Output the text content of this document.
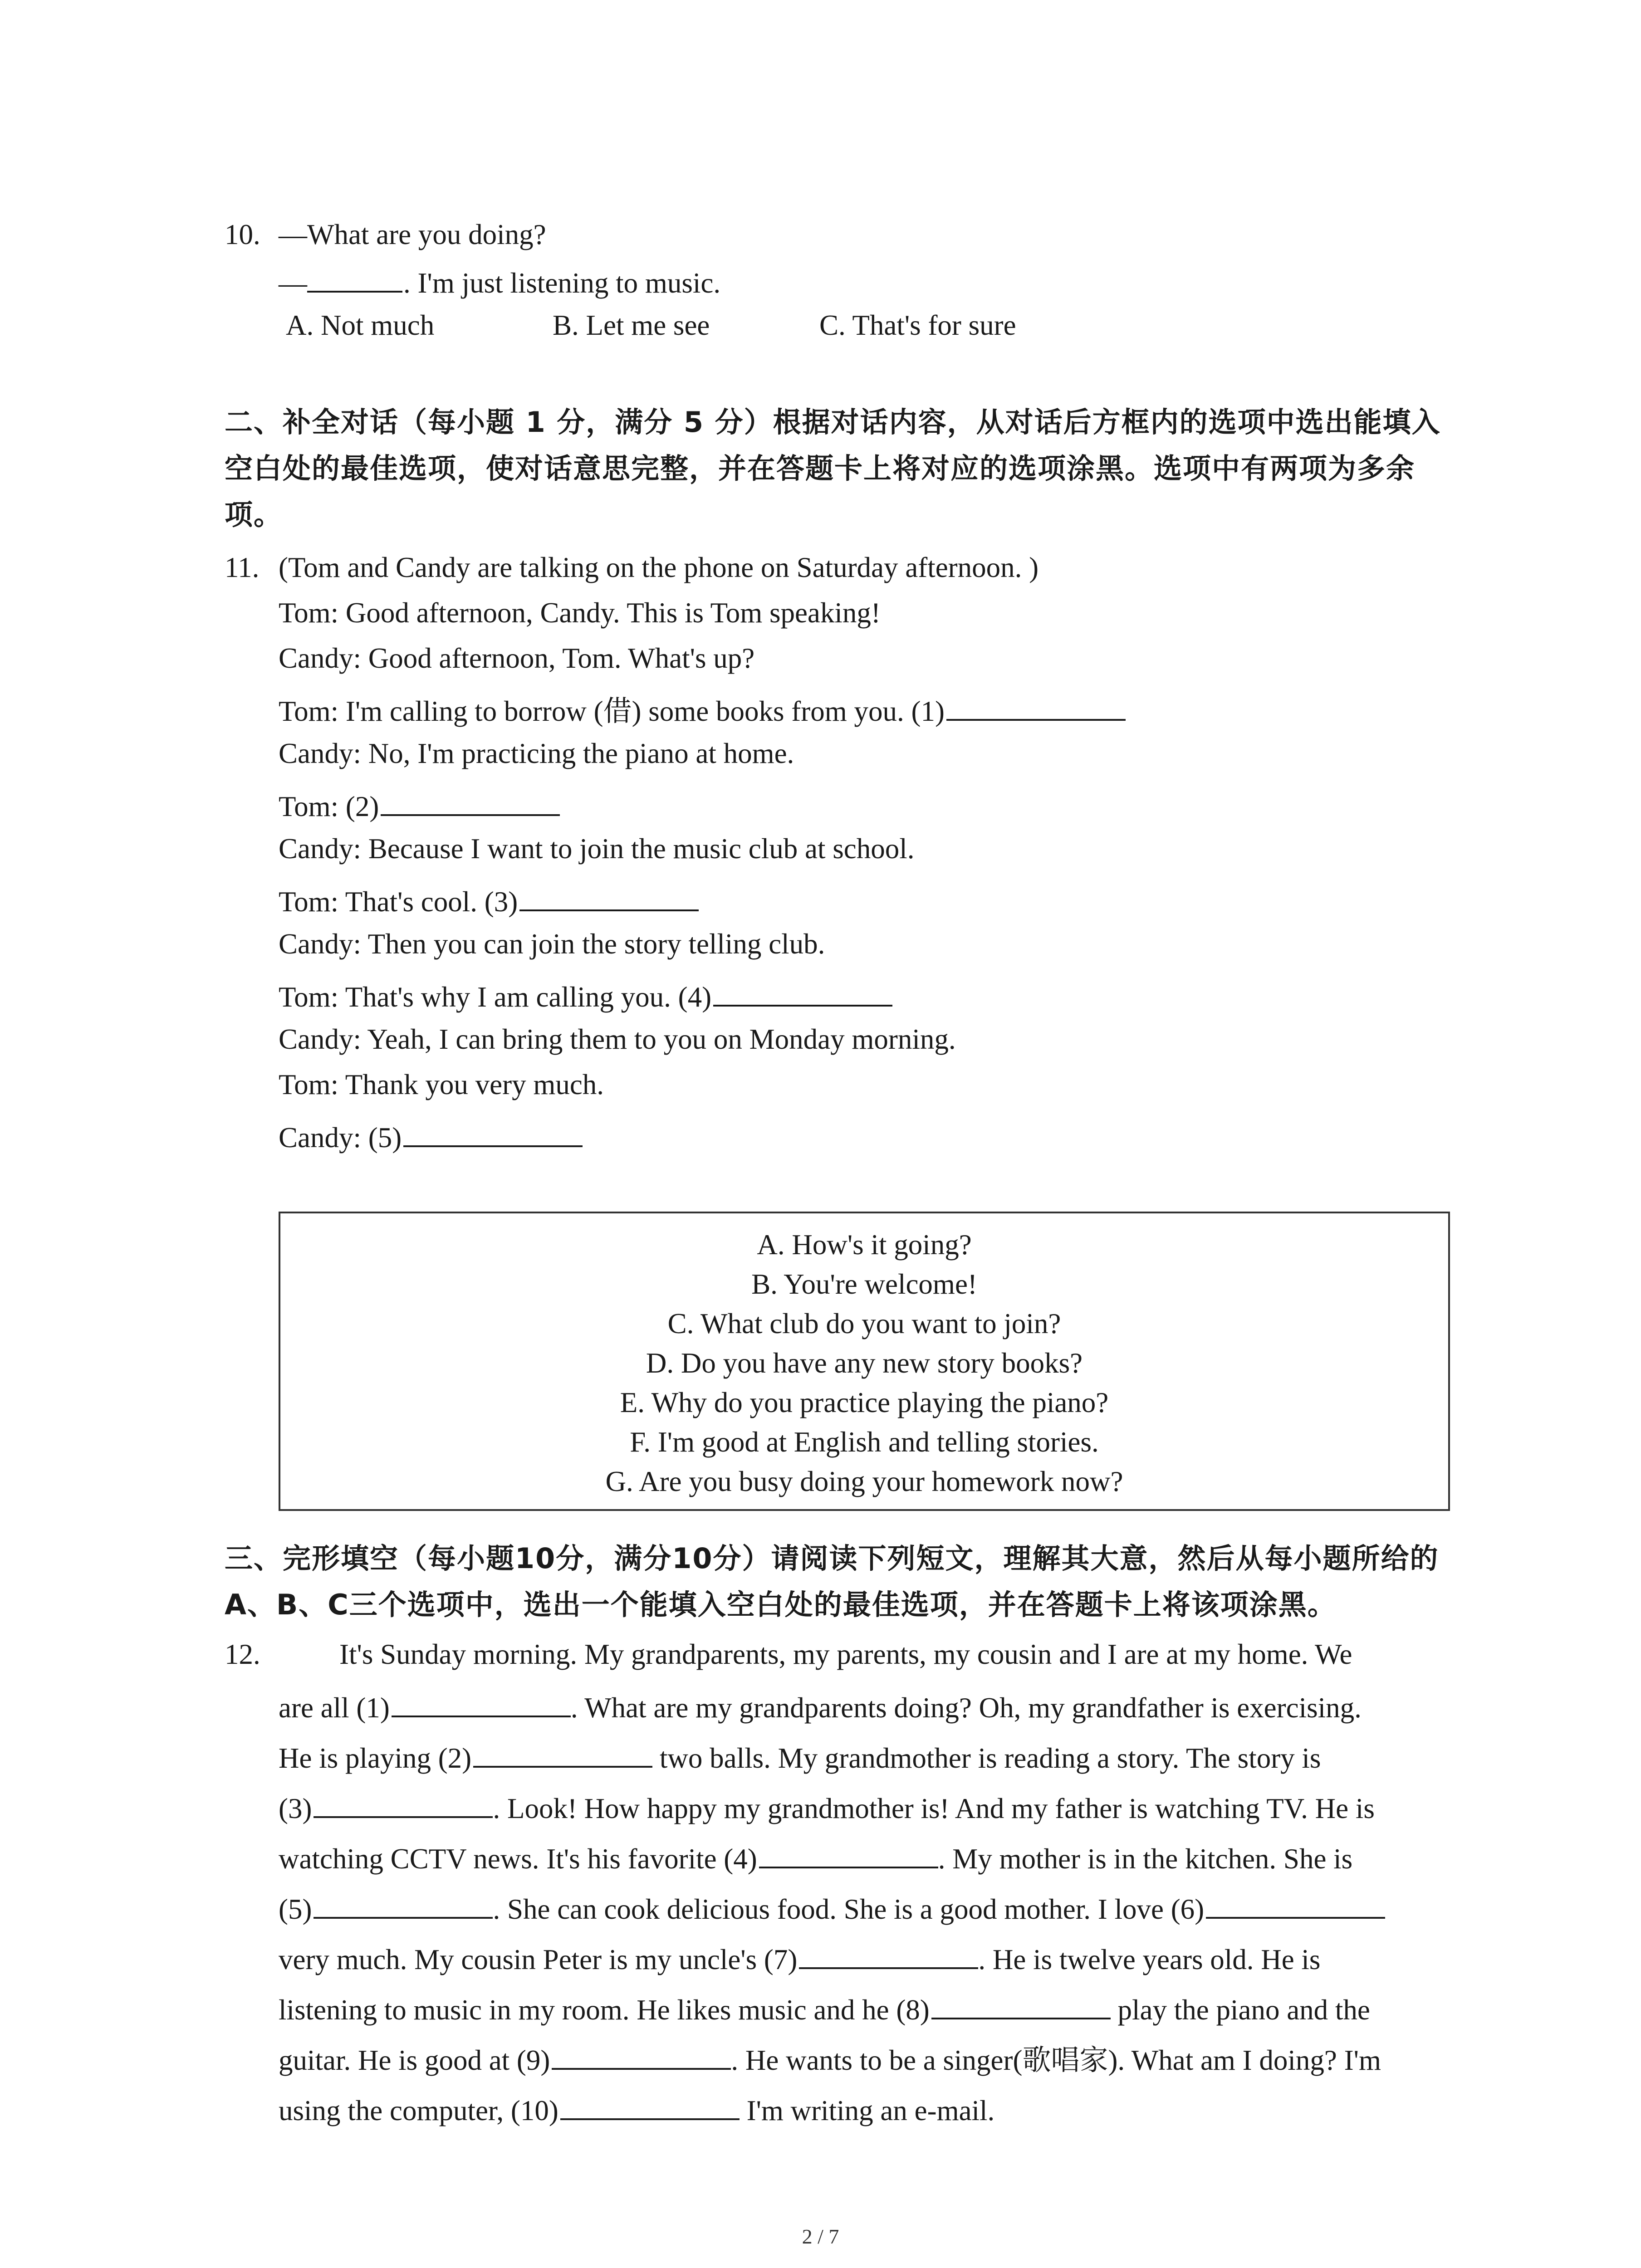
10. —What are you doing?
—	. I'm just listening to music.
A. Not much	B. Let me see	C. That's for sure
二、补全对话（每小题 1 分，满分 5 分）根据对话内容，从对话后方框内的选项中选出能填入空白处的最佳选项，使对话意思完整，并在答题卡上将对应的选项涂黑。选项中有两项为多余项。
11. (Tom and Candy are talking on the phone on Saturday afternoon. )
Tom: Good afternoon, Candy. This is Tom speaking!
Candy: Good afternoon, Tom. What's up?
Tom: I'm calling to borrow (借) some books from you. (1)
Candy: No, I'm practicing the piano at home.
Tom: (2)
Candy: Because I want to join the music club at school.
Tom: That's cool. (3)
Candy: Then you can join the story telling club.
Tom: That's why I am calling you. (4)
Candy: Yeah, I can bring them to you on Monday morning.
Tom: Thank you very much.
Candy: (5)
A. How's it going?
B. You're welcome!
C. What club do you want to join?
D. Do you have any new story books?
E. Why do you practice playing the piano?
F. I'm good at English and telling stories.
G. Are you busy doing your homework now?
三、完形填空（每小题10分，满分10分）请阅读下列短文，理解其大意，然后从每小题所给的A、B、C三个选项中，选出一个能填入空白处的最佳选项，并在答题卡上将该项涂黑。
12.	It's Sunday morning. My grandparents, my parents, my cousin and I are at my home. We
are all (1)	. What are my grandparents doing? Oh, my grandfather is exercising.
He is playing (2)	two balls. My grandmother is reading a story. The story is
(3)	. Look! How happy my grandmother is! And my father is watching TV. He is
watching CCTV news. It's his favorite (4)	. My mother is in the kitchen. She is
(5)	. She can cook delicious food. She is a good mother. I love (6)
very much. My cousin Peter is my uncle's (7)	. He is twelve years old. He is
listening to music in my room. He likes music and he (8)	play the piano and the
guitar. He is good at (9)	. He wants to be a singer(歌唱家). What am I doing? I'm
using the computer, (10)	I'm writing an e-mail.
2 / 7
